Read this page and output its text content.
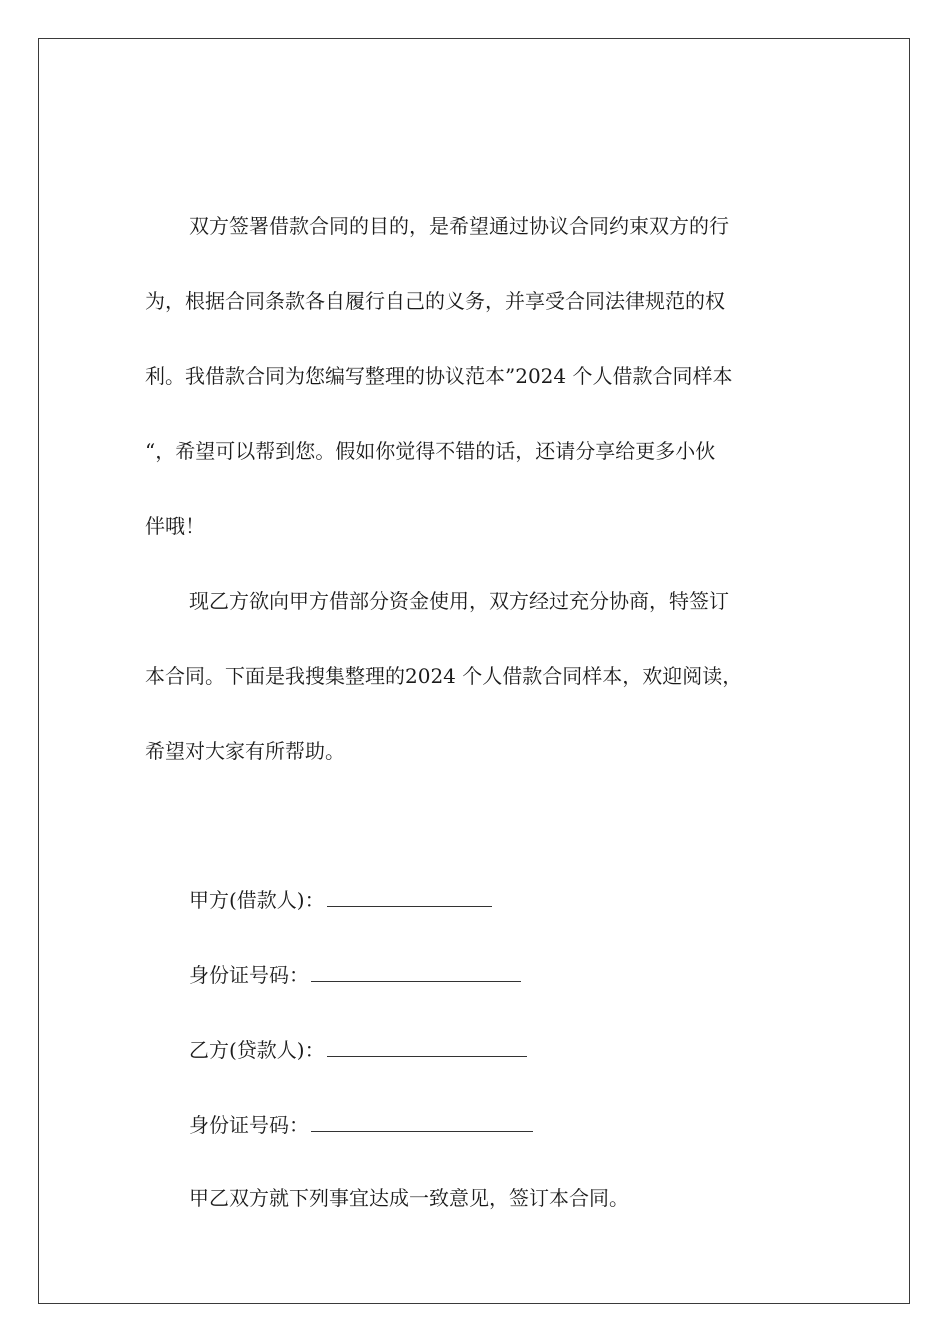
双方签署借款合同的目的，是希望通过协议合同约束双方的行
为，根据合同条款各自履行自己的义务，并享受合同法律规范的权
利。我借款合同为您编写整理的协议范本”2024 个人借款合同样本
“，希望可以帮到您。假如你觉得不错的话，还请分享给更多小伙
伴哦！
现乙方欲向甲方借部分资金使用，双方经过充分协商，特签订
本合同。下面是我搜集整理的2024 个人借款合同样本，欢迎阅读，
希望对大家有所帮助。
甲方(借款人)：
身份证号码：
乙方(贷款人)：
身份证号码：
甲乙双方就下列事宜达成一致意见，签订本合同。
